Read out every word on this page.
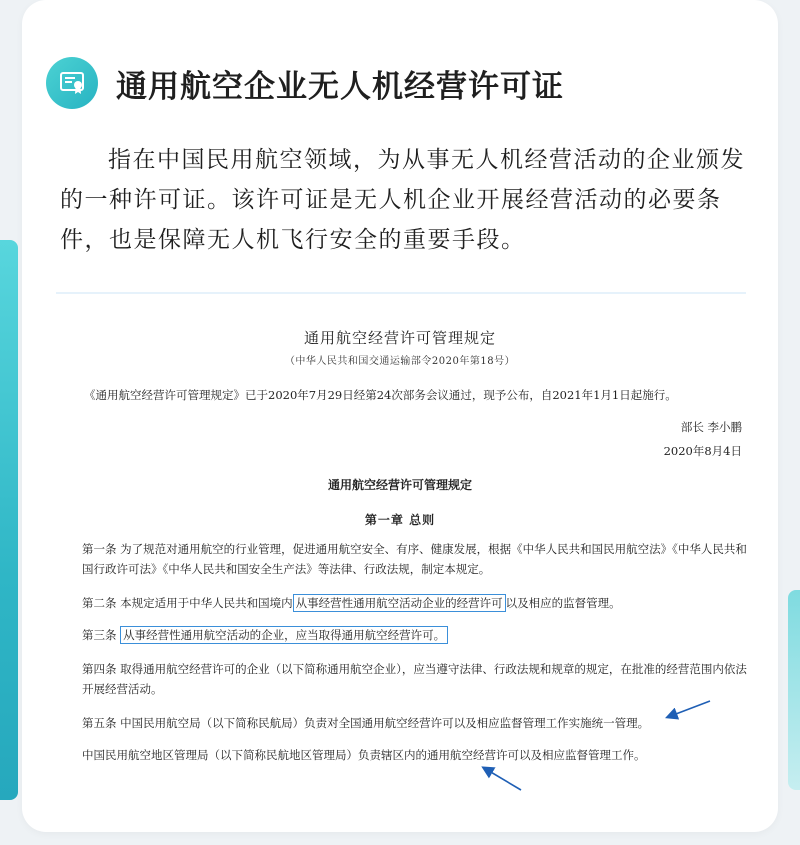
通用航空企业无人机经营许可证
指在中国民用航空领域，为从事无人机经营活动的企业颁发的一种许可证。该许可证是无人机企业开展经营活动的必要条件，也是保障无人机飞行安全的重要手段。
通用航空经营许可管理规定
（中华人民共和国交通运输部令2020年第18号）
《通用航空经营许可管理规定》已于2020年7月29日经第24次部务会议通过，现予公布，自2021年1月1日起施行。
部长 李小鹏
2020年8月4日
通用航空经营许可管理规定
第一章 总则
第一条 为了规范对通用航空的行业管理，促进通用航空安全、有序、健康发展，根据《中华人民共和国民用航空法》《中华人民共和国行政许可法》《中华人民共和国安全生产法》等法律、行政法规，制定本规定。
第二条 本规定适用于中华人民共和国境内 从事经营性通用航空活动企业的经营许可 以及相应的监督管理。
第三条 从事经营性通用航空活动的企业，应当取得通用航空经营许可。
第四条 取得通用航空经营许可的企业（以下简称通用航空企业），应当遵守法律、行政法规和规章的规定，在批准的经营范围内依法开展经营活动。
第五条 中国民用航空局（以下简称民航局）负责对全国通用航空经营许可以及相应监督管理工作实施统一管理。
中国民用航空地区管理局（以下简称民航地区管理局）负责辖区内的通用航空经营许可以及相应监督管理工作。
